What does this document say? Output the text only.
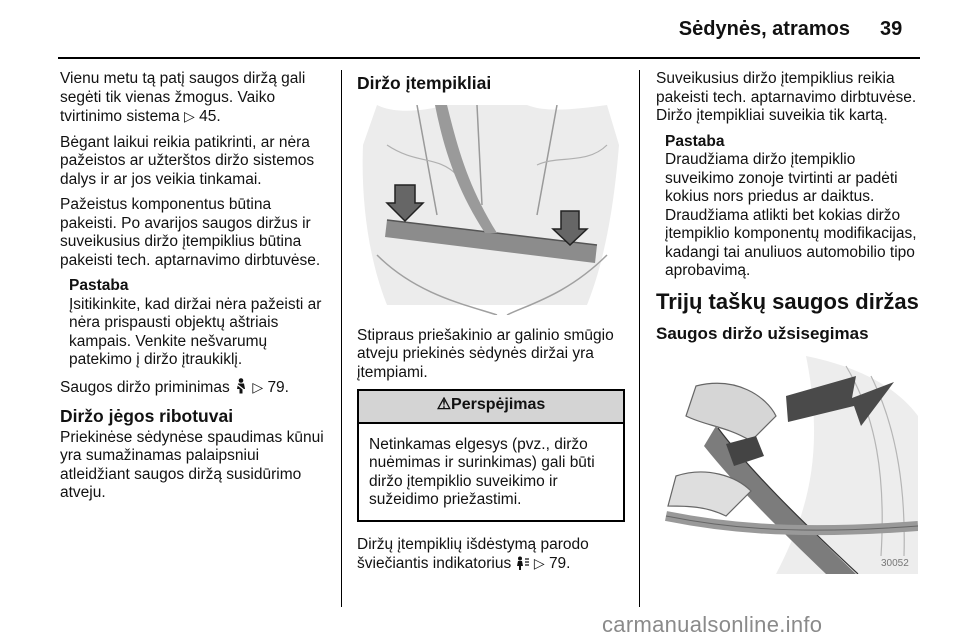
Sėdynės, atramos 39

Vienu metu tą patį saugos diržą gali segėti tik vienas žmogus. Vaiko tvirtinimo sistema ▷ 45.

Bėgant laikui reikia patikrinti, ar nėra pažeistos ar užterštos diržo sistemos dalys ir ar jos veikia tinkamai.

Pažeistus komponentus būtina pakeisti. Po avarijos saugos diržus ir suveikusius diržo įtempiklius būtina pakeisti tech. aptarnavimo dirbtuvėse.

Pastaba
Įsitikinkite, kad diržai nėra pažeisti ar nėra prispausti objektų aštriais kampais. Venkite nešvarumų patekimo į diržo įtraukiklį.

Saugos diržo priminimas ▷ 79.

Diržo jėgos ribotuvai

Priekinėse sėdynėse spaudimas kūnui yra sumažinamas palaipsniui atleidžiant saugos diržą susidūrimo atveju.

Diržo įtempikliai

Stipraus priešakinio ar galinio smūgio atveju priekinės sėdynės diržai yra įtempiami.

⚠Perspėjimas
Netinkamas elgesys (pvz., diržo nuėmimas ir surinkimas) gali būti diržo įtempiklio suveikimo ir sužeidimo priežastimi.

Diržų įtempiklių išdėstymą parodo šviečiantis indikatorius ▷ 79.

Suveikusius diržo įtempiklius reikia pakeisti tech. aptarnavimo dirbtuvėse. Diržo įtempikliai suveikia tik kartą.

Pastaba
Draudžiama diržo įtempiklio suveikimo zonoje tvirtinti ar padėti kokius nors priedus ar daiktus. Draudžiama atlikti bet kokias diržo įtempiklio komponentų modifikacijas, kadangi tai anuliuos automobilio tipo aprobavimą.
Trijų taškų saugos diržas
Saugos diržo užsisegimas
30052
carmanualsonline.info
